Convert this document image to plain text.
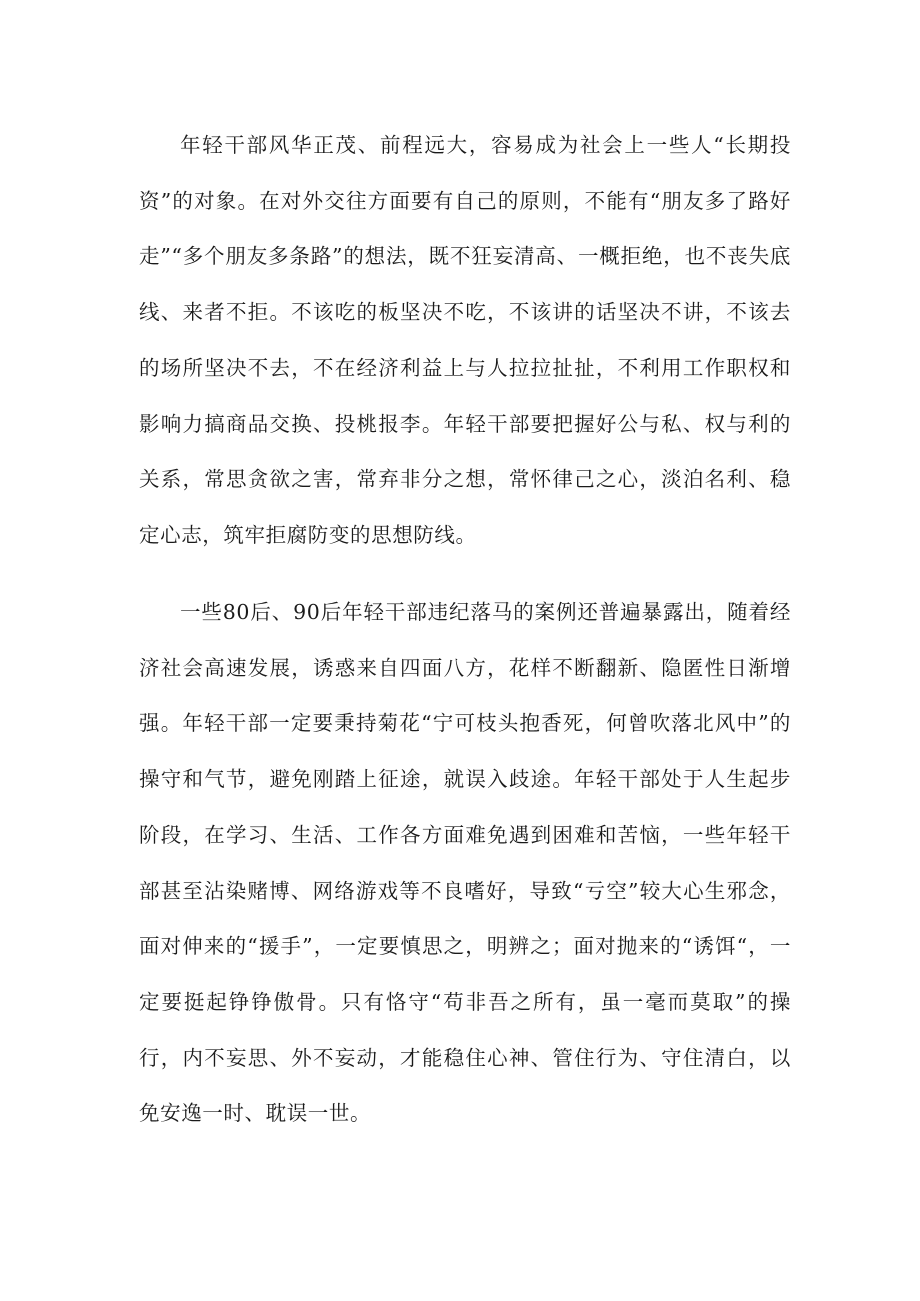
年轻干部风华正茂、前程远大，容易成为社会上一些人“长期投资”的对象。在对外交往方面要有自己的原则，不能有“朋友多了路好走”“多个朋友多条路”的想法，既不狂妄清高、一概拒绝，也不丧失底线、来者不拒。不该吃的板坚决不吃，不该讲的话坚决不讲，不该去的场所坚决不去，不在经济利益上与人拉拉扯扯，不利用工作职权和影响力搞商品交换、投桃报李。年轻干部要把握好公与私、权与利的关系，常思贪欲之害，常弃非分之想，常怀律己之心，淡泊名利、稳定心志，筑牢拒腐防变的思想防线。

一些80后、90后年轻干部违纪落马的案例还普遍暴露出，随着经济社会高速发展，诱惑来自四面八方，花样不断翻新、隐匿性日渐增强。年轻干部一定要秉持菊花“宁可枝头抱香死，何曾吹落北风中”的操守和气节，避免刚踏上征途，就误入歧途。年轻干部处于人生起步阶段，在学习、生活、工作各方面难免遇到困难和苦恼，一些年轻干部甚至沾染赌博、网络游戏等不良嗜好，导致“亏空”较大心生邪念，面对伸来的“援手”，一定要慎思之，明辨之；面对抛来的“诱饵“，一定要挺起铮铮傲骨。只有恪守“苟非吾之所有，虽一毫而莫取”的操行，内不妄思、外不妄动，才能稳住心神、管住行为、守住清白，以免安逸一时、耽误一世。
